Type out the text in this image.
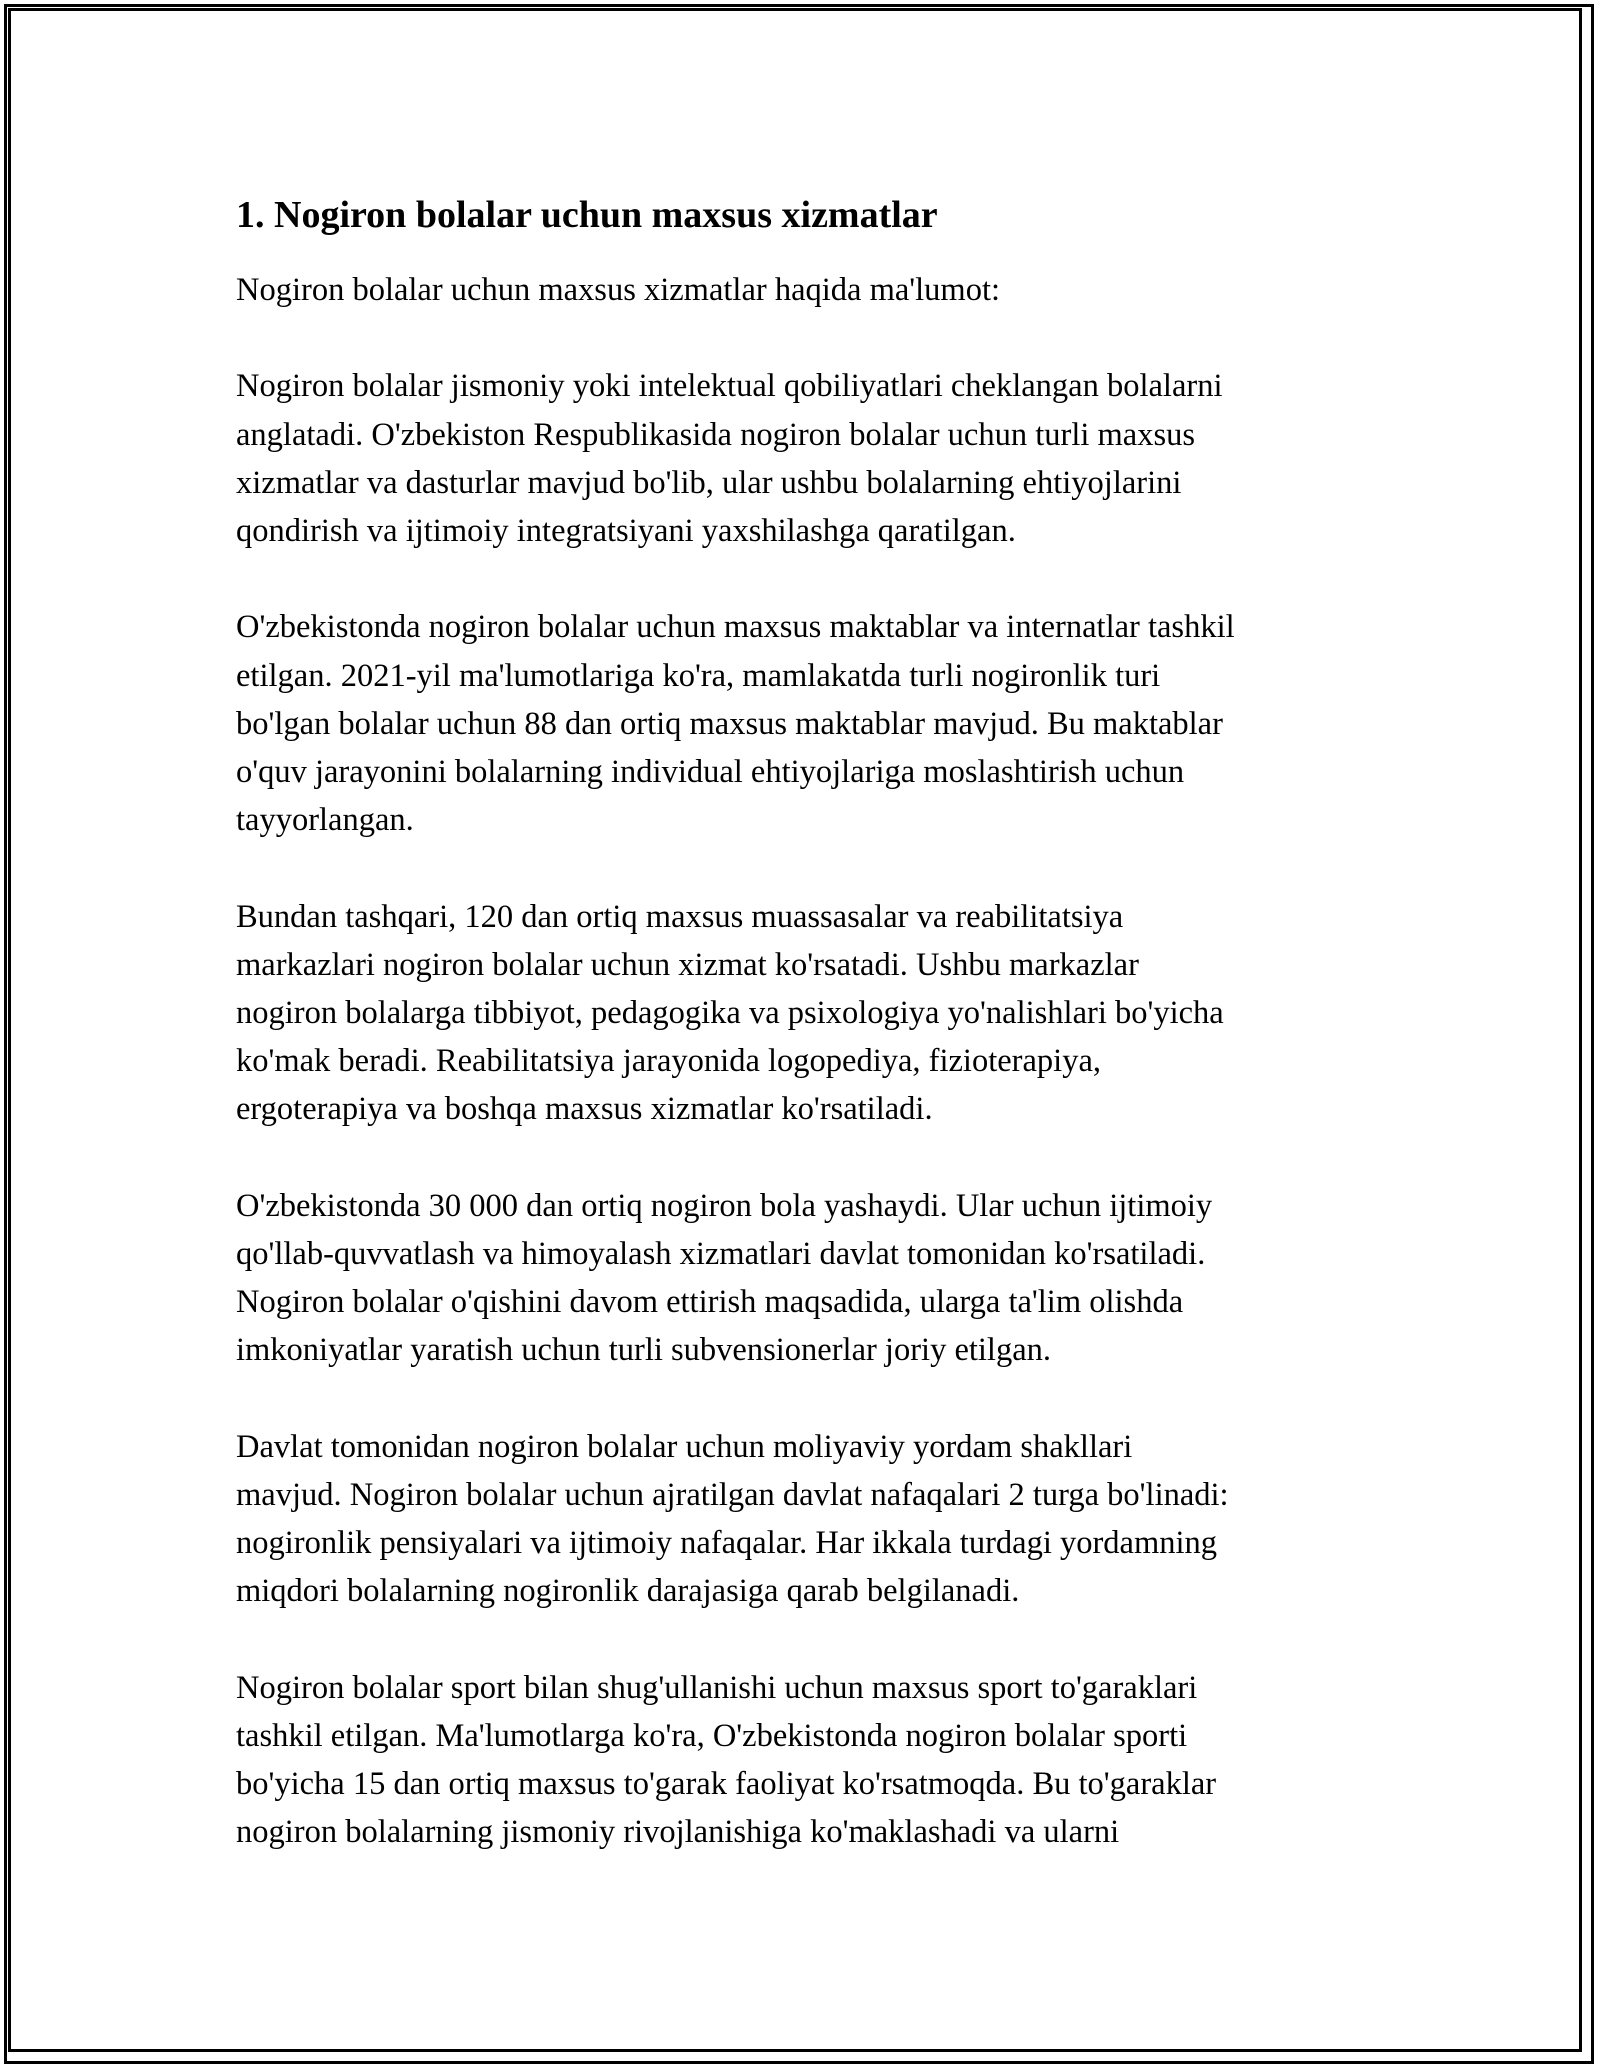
1. Nogiron bolalar uchun maxsus xizmatlar

Nogiron bolalar uchun maxsus xizmatlar haqida ma'lumot:

Nogiron bolalar jismoniy yoki intelektual qobiliyatlari cheklangan bolalarni
anglatadi. O'zbekiston Respublikasida nogiron bolalar uchun turli maxsus
xizmatlar va dasturlar mavjud bo'lib, ular ushbu bolalarning ehtiyojlarini
qondirish va ijtimoiy integratsiyani yaxshilashga qaratilgan.

O'zbekistonda nogiron bolalar uchun maxsus maktablar va internatlar tashkil
etilgan. 2021-yil ma'lumotlariga ko'ra, mamlakatda turli nogironlik turi
bo'lgan bolalar uchun 88 dan ortiq maxsus maktablar mavjud. Bu maktablar
o'quv jarayonini bolalarning individual ehtiyojlariga moslashtirish uchun
tayyorlangan.

Bundan tashqari, 120 dan ortiq maxsus muassasalar va reabilitatsiya
markazlari nogiron bolalar uchun xizmat ko'rsatadi. Ushbu markazlar
nogiron bolalarga tibbiyot, pedagogika va psixologiya yo'nalishlari bo'yicha
ko'mak beradi. Reabilitatsiya jarayonida logopediya, fizioterapiya,
ergoterapiya va boshqa maxsus xizmatlar ko'rsatiladi.

O'zbekistonda 30 000 dan ortiq nogiron bola yashaydi. Ular uchun ijtimoiy
qo'llab-quvvatlash va himoyalash xizmatlari davlat tomonidan ko'rsatiladi.
Nogiron bolalar o'qishini davom ettirish maqsadida, ularga ta'lim olishda
imkoniyatlar yaratish uchun turli subvensionerlar joriy etilgan.

Davlat tomonidan nogiron bolalar uchun moliyaviy yordam shakllari
mavjud. Nogiron bolalar uchun ajratilgan davlat nafaqalari 2 turga bo'linadi:
nogironlik pensiyalari va ijtimoiy nafaqalar. Har ikkala turdagi yordamning
miqdori bolalarning nogironlik darajasiga qarab belgilanadi.

Nogiron bolalar sport bilan shug'ullanishi uchun maxsus sport to'garaklari
tashkil etilgan. Ma'lumotlarga ko'ra, O'zbekistonda nogiron bolalar sporti
bo'yicha 15 dan ortiq maxsus to'garak faoliyat ko'rsatmoqda. Bu to'garaklar
nogiron bolalarning jismoniy rivojlanishiga ko'maklashadi va ularni
